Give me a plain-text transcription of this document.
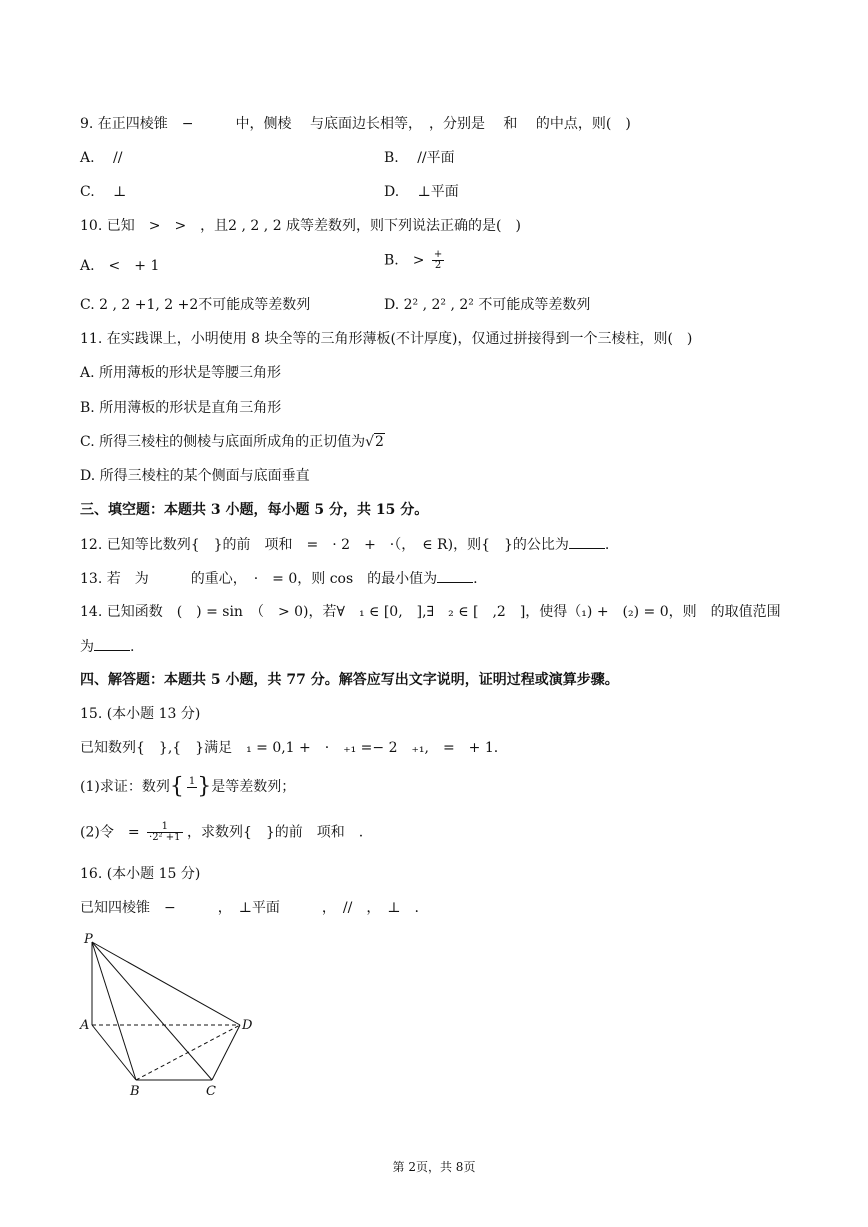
9. 在正四棱锥　−　　　中，侧棱　 与底面边长相等，　，分别是　 和　 的中点，则(　)
A.　 //	B.　 //平面
C.　 ⊥	D.　 ⊥平面
10. 已知　>　>　，且2 , 2 , 2 成等差数列，则下列说法正确的是(　)
A.　<　+ 1	B.　> $\frac{+}{2}$
C. 2 , 2 +1, 2 +2不可能成等差数列	D. 2² , 2² , 2² 不可能成等差数列
11. 在实践课上，小明使用 8 块全等的三角形薄板(不计厚度)，仅通过拼接得到一个三棱柱，则(　)
A. 所用薄板的形状是等腰三角形
B. 所用薄板的形状是直角三角形
C. 所得三棱柱的侧棱与底面所成角的正切值为√2
D. 所得三棱柱的某个侧面与底面垂直
三、填空题：本题共 3 小题，每小题 5 分，共 15 分。
12. 已知等比数列{　}的前　项和　=　· 2　+　·（，　∈ R)，则{　}的公比为	.
13. 若　为　　　的重心，　·　= 0，则 cos　的最小值为	.
14. 已知函数　(　) = sin　（　> 0)，若∀　₁ ∈ [0,　],∃　₂ ∈ [　,2　]，使得（₁) +　(₂) = 0，则　的取值范围
为	.
四、解答题：本题共 5 小题，共 77 分。解答应写出文字说明，证明过程或演算步骤。
15. (本小题 13 分)
已知数列{　},{　}满足　₁ = 0,1 +　·　₊₁ =− 2　₊₁,　=　+ 1.
(1)求证：数列{ 1
}是等差数列；
(2)令　= $\frac{1}{\text{·2² +1}}$ ，求数列{　}的前　项和　.
16. (本小题 15 分)
已知四棱锥　−　　　，　⊥平面　　　，　//　，　⊥　.
P
A
B	C
D
第 2页，共 8页
